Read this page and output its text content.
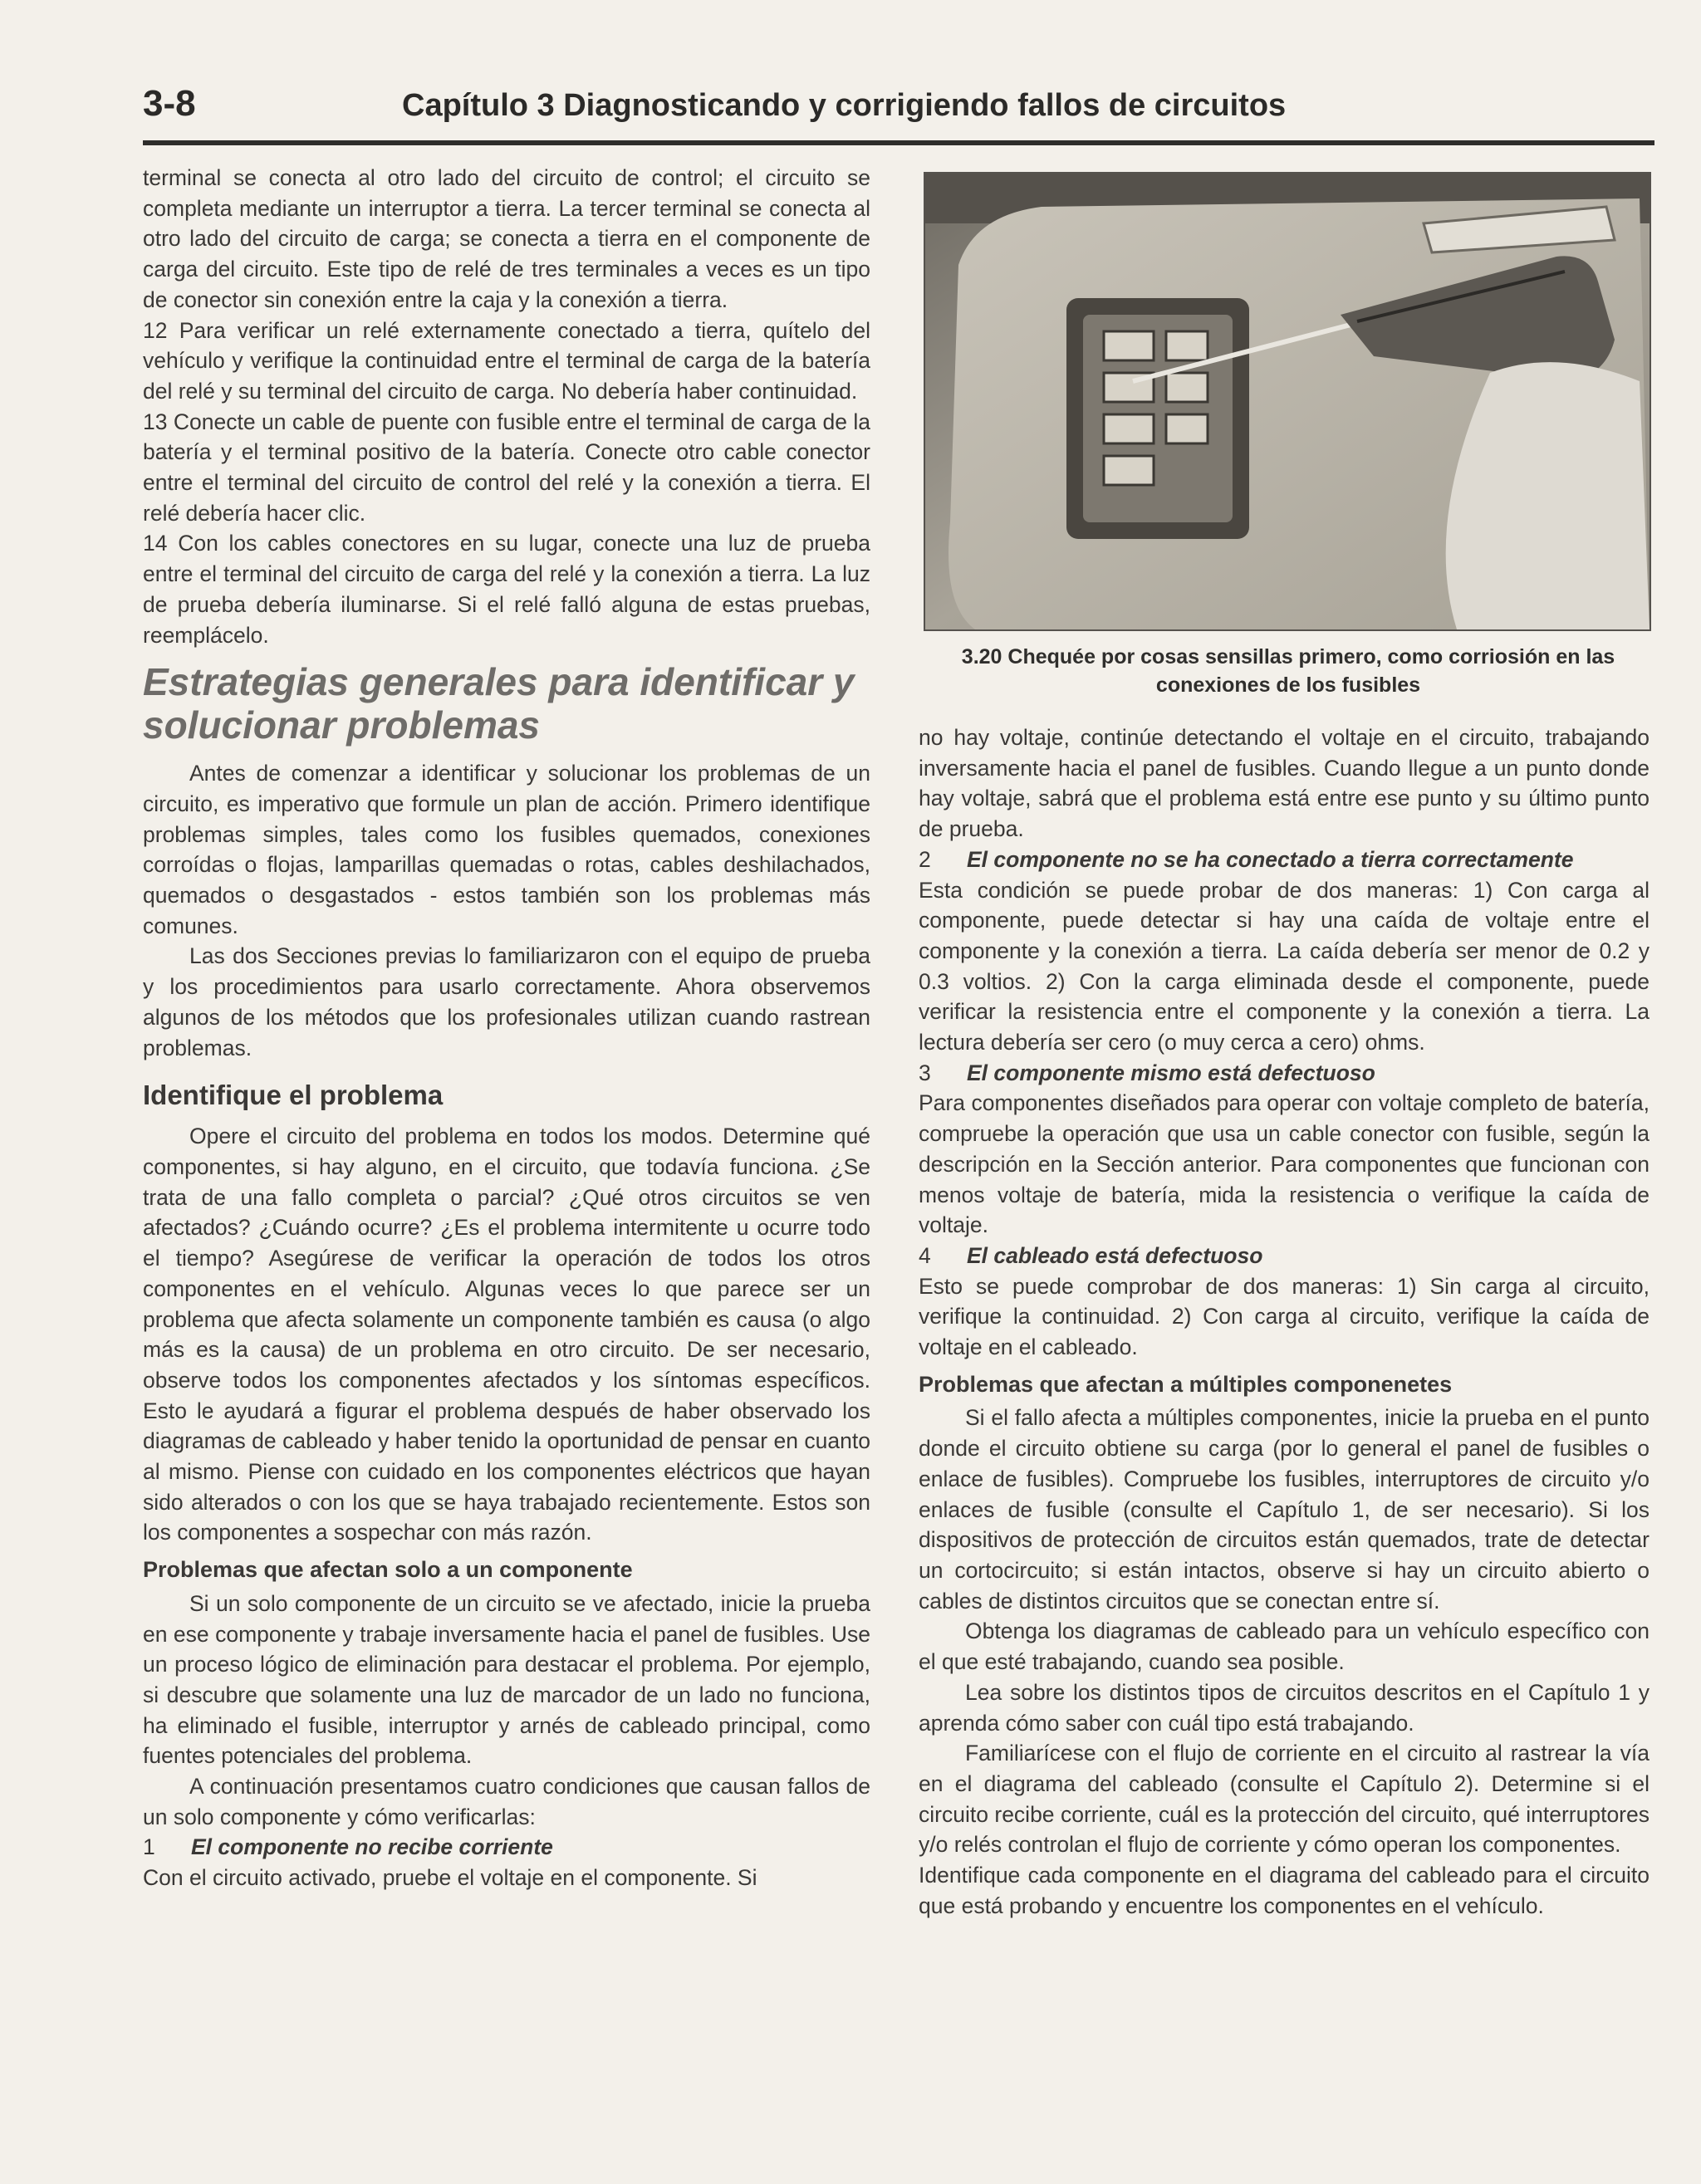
3-8	Capítulo 3 Diagnosticando y corrigiendo fallos de circuitos

terminal se conecta al otro lado del circuito de control; el circuito se completa mediante un interruptor a tierra. La tercer terminal se conecta al otro lado del circuito de carga; se conecta a tierra en el componente de carga del circuito. Este tipo de relé de tres terminales a veces es un tipo de conector sin conexión entre la caja y la conexión a tierra.

12 Para verificar un relé externamente conectado a tierra, quítelo del vehículo y verifique la continuidad entre el terminal de carga de la batería del relé y su terminal del circuito de carga. No debería haber continuidad.

13 Conecte un cable de puente con fusible entre el terminal de carga de la batería y el terminal positivo de la batería. Conecte otro cable conector entre el terminal del circuito de control del relé y la conexión a tierra. El relé debería hacer clic.

14 Con los cables conectores en su lugar, conecte una luz de prueba entre el terminal del circuito de carga del relé y la conexión a tierra. La luz de prueba debería iluminarse. Si el relé falló alguna de estas pruebas, reemplácelo.

Estrategias generales para identificar y solucionar problemas

Antes de comenzar a identificar y solucionar los problemas de un circuito, es imperativo que formule un plan de acción. Primero identifique problemas simples, tales como los fusibles quemados, conexiones corroídas o flojas, lamparillas quemadas o rotas, cables deshilachados, quemados o desgastados - estos también son los problemas más comunes.

Las dos Secciones previas lo familiarizaron con el equipo de prueba y los procedimientos para usarlo correctamente. Ahora observemos algunos de los métodos que los profesionales utilizan cuando rastrean problemas.

Identifique el problema

Opere el circuito del problema en todos los modos. Determine qué componentes, si hay alguno, en el circuito, que todavía funciona. ¿Se trata de una fallo completa o parcial? ¿Qué otros circuitos se ven afectados? ¿Cuándo ocurre? ¿Es el problema intermitente u ocurre todo el tiempo? Asegúrese de verificar la operación de todos los otros componentes en el vehículo. Algunas veces lo que parece ser un problema que afecta solamente un componente también es causa (o algo más es la causa) de un problema en otro circuito. De ser necesario, observe todos los componentes afectados y los síntomas específicos. Esto le ayudará a figurar el problema después de haber observado los diagramas de cableado y haber tenido la oportunidad de pensar en cuanto al mismo. Piense con cuidado en los componentes eléctricos que hayan sido alterados o con los que se haya trabajado recientemente. Estos son los componentes a sospechar con más razón.

Problemas que afectan solo a un componente

Si un solo componente de un circuito se ve afectado, inicie la prueba en ese componente y trabaje inversamente hacia el panel de fusibles. Use un proceso lógico de eliminación para destacar el problema. Por ejemplo, si descubre que solamente una luz de marcador de un lado no funciona, ha eliminado el fusible, interruptor y arnés de cableado principal, como fuentes potenciales del problema.

A continuación presentamos cuatro condiciones que causan fallos de un solo componente y cómo verificarlas:

1	El componente no recibe corriente

Con el circuito activado, pruebe el voltaje en el componente. Si

3.20 Chequée por cosas sensillas primero, como corriosión en las conexiones de los fusibles

no hay voltaje, continúe detectando el voltaje en el circuito, trabajando inversamente hacia el panel de fusibles. Cuando llegue a un punto donde hay voltaje, sabrá que el problema está entre ese punto y su último punto de prueba.

2	El componente no se ha conectado a tierra correctamente

Esta condición se puede probar de dos maneras: 1) Con carga al componente, puede detectar si hay una caída de voltaje entre el componente y la conexión a tierra. La caída debería ser menor de 0.2 y 0.3 voltios. 2) Con la carga eliminada desde el componente, puede verificar la resistencia entre el componente y la conexión a tierra. La lectura debería ser cero (o muy cerca a cero) ohms.

3	El componente mismo está defectuoso

Para componentes diseñados para operar con voltaje completo de batería, compruebe la operación que usa un cable conector con fusible, según la descripción en la Sección anterior. Para componentes que funcionan con menos voltaje de batería, mida la resistencia o verifique la caída de voltaje.

4	El cableado está defectuoso

Esto se puede comprobar de dos maneras: 1) Sin carga al circuito, verifique la continuidad. 2) Con carga al circuito, verifique la caída de voltaje en el cableado.

Problemas que afectan a múltiples componenetes

Si el fallo afecta a múltiples componentes, inicie la prueba en el punto donde el circuito obtiene su carga (por lo general el panel de fusibles o enlace de fusibles). Compruebe los fusibles, interruptores de circuito y/o enlaces de fusible (consulte el Capítulo 1, de ser necesario). Si los dispositivos de protección de circuitos están quemados, trate de detectar un cortocircuito; si están intactos, observe si hay un circuito abierto o cables de distintos circuitos que se conectan entre sí.

Obtenga los diagramas de cableado para un vehículo específico con el que esté trabajando, cuando sea posible.

Lea sobre los distintos tipos de circuitos descritos en el Capítulo 1 y aprenda cómo saber con cuál tipo está trabajando.

Familiarícese con el flujo de corriente en el circuito al rastrear la vía en el diagrama del cableado (consulte el Capítulo 2). Determine si el circuito recibe corriente, cuál es la protección del circuito, qué interruptores y/o relés controlan el flujo de corriente y cómo operan los componentes.

Identifique cada componente en el diagrama del cableado para el circuito que está probando y encuentre los componentes en el vehículo.
